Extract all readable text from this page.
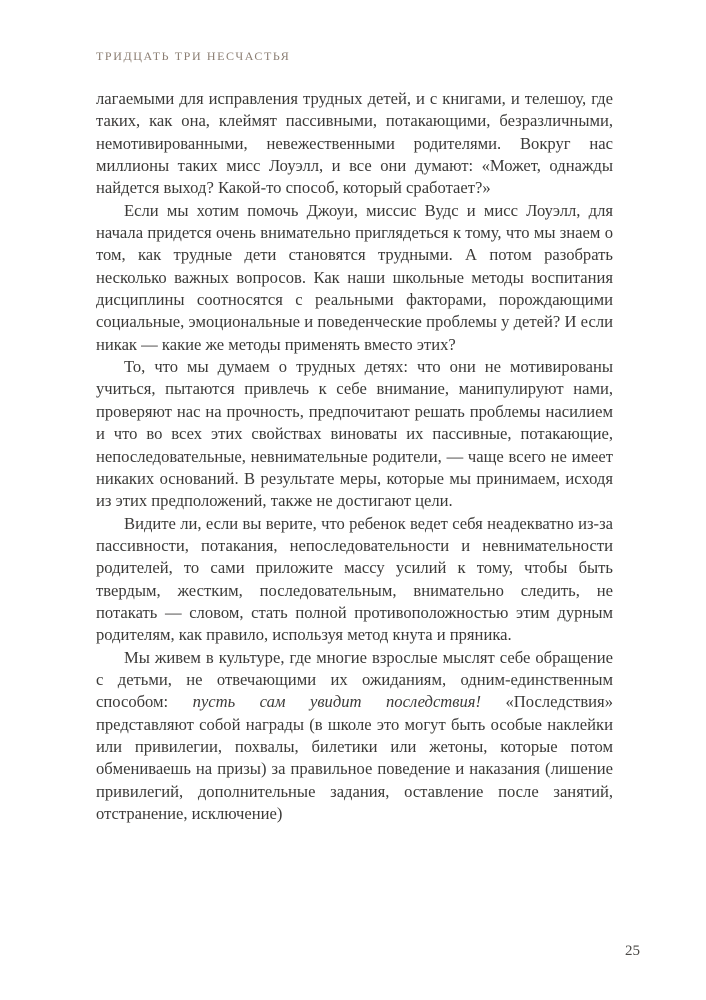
ТРИДЦАТЬ ТРИ НЕСЧАСТЬЯ

лагаемыми для исправления трудных детей, и с книгами, и телешоу, где таких, как она, клеймят пассивными, потакающими, безразличными, немотивированными, невежественными родителями. Вокруг нас миллионы таких мисс Лоуэлл, и все они думают: «Может, однажды найдется выход? Какой-то способ, который сработает?»

Если мы хотим помочь Джоуи, миссис Вудс и мисс Лоуэлл, для начала придется очень внимательно приглядеться к тому, что мы знаем о том, как трудные дети становятся трудными. А потом разобрать несколько важных вопросов. Как наши школьные методы воспитания дисциплины соотносятся с реальными факторами, порождающими социальные, эмоциональные и поведенческие проблемы у детей? И если никак — какие же методы применять вместо этих?

То, что мы думаем о трудных детях: что они не мотивированы учиться, пытаются привлечь к себе внимание, манипулируют нами, проверяют нас на прочность, предпочитают решать проблемы насилием и что во всех этих свойствах виноваты их пассивные, потакающие, непоследовательные, невнимательные родители, — чаще всего не имеет никаких оснований. В результате меры, которые мы принимаем, исходя из этих предположений, также не достигают цели.

Видите ли, если вы верите, что ребенок ведет себя неадекватно из-за пассивности, потакания, непоследовательности и невнимательности родителей, то сами приложите массу усилий к тому, чтобы быть твердым, жестким, последовательным, внимательно следить, не потакать — словом, стать полной противоположностью этим дурным родителям, как правило, используя метод кнута и пряника.

Мы живем в культуре, где многие взрослые мыслят себе обращение с детьми, не отвечающими их ожиданиям, одним-единственным способом: пусть сам увидит последствия! «Последствия» представляют собой награды (в школе это могут быть особые наклейки или привилегии, похвалы, билетики или жетоны, которые потом обмениваешь на призы) за правильное поведение и наказания (лишение привилегий, дополнительные задания, оставление после занятий, отстранение, исключение)

25
